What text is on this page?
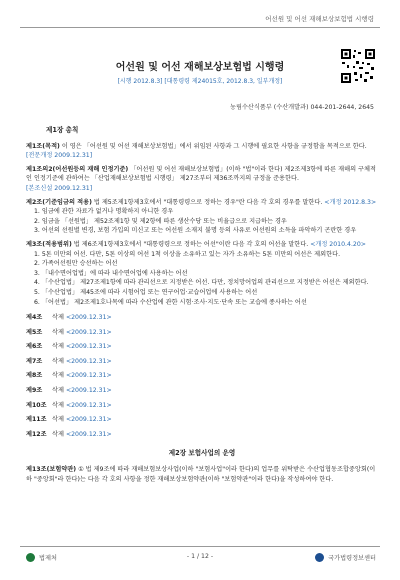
어선원 및 어선 재해보상보험법 시행령
어선원 및 어선 재해보상보험법 시행령
[시행 2012.8.3] [대통령령 제24015호, 2012.8.3, 일부개정]
농림수산식품부 (수산개발과) 044-201-2644, 2645
제1장 총칙
제1조(목적) 이 영은 「어선원 및 어선 재해보상보험법」에서 위임된 사항과 그 시행에 필요한 사항을 규정함을 목적으로 한다.
[전문개정 2009.12.31]
제1조의2(어선원등의 재해 인정기준) 「어선원 및 어선 재해보상보험법」(이하 "법"이라 한다) 제2조제3항에 따른 재해의 구체적인 인정기준에 관하여는 「산업재해보상보험법 시행령」 제27조부터 제36조까지의 규정을 준용한다.
[본조신설 2009.12.31]
제2조(기준임금의 적용) 법 제5조제1항제3호에서 "대통령령으로 정하는 경우"란 다음 각 호의 경우를 말한다. <개정 2012.8.3>
1. 임금에 관한 자료가 없거나 명확하지 아니한 경우
2. 임금을 「선원법」 제52조제1항 및 제2항에 따른 생산수당 또는 비율급으로 지급하는 경우
3. 어선의 선원별 변경, 보험 가입의 미신고 또는 어선원 소재지 불명 등의 사유로 어선원의 소득을 파악하기 곤란한 경우
제3조(적용범위) 법 제6조제1항제3호에서 "대통령령으로 정하는 어선"이란 다음 각 호의 어선을 말한다. <개정 2010.4.20>
1. 5톤 미만의 어선. 다만, 5톤 이상의 어선 1척 이상을 소유하고 있는 자가 소유하는 5톤 미만의 어선은 제외한다.
2. 가족어선원만 승선하는 어선
3. 「내수면어업법」에 따라 내수면어업에 사용하는 어선
4. 「수산업법」 제27조제1항에 따라 관리선으로 지정받은 어선. 다만, 정치망어업의 관리선으로 지정받은 어선은 제외한다.
5. 「수산업법」 제45조에 따라 시험어업 또는 연구어업·교습어업에 사용하는 어선
6. 「어선법」 제2조제1호나목에 따라 수산업에 관한 시험·조사·지도·단속 또는 교습에 종사하는 어선
제4조 삭제 <2009.12.31>
제5조 삭제 <2009.12.31>
제6조 삭제 <2009.12.31>
제7조 삭제 <2009.12.31>
제8조 삭제 <2009.12.31>
제9조 삭제 <2009.12.31>
제10조 삭제 <2009.12.31>
제11조 삭제 <2009.12.31>
제12조 삭제 <2009.12.31>
제2장 보험사업의 운영
제13조(보험약관) ① 법 제9조에 따라 재해보험보상사업(이하 "보험사업"이라 한다)의 업무를 위탁받은 수산업협동조합중앙회(이하 "중앙회"라 한다)는 다음 각 호의 사항을 정한 재해보상보험약관(이하 "보험약관"이라 한다)을 작성하여야 한다.
- 1 / 12 -
법제처	국가법령정보센터
